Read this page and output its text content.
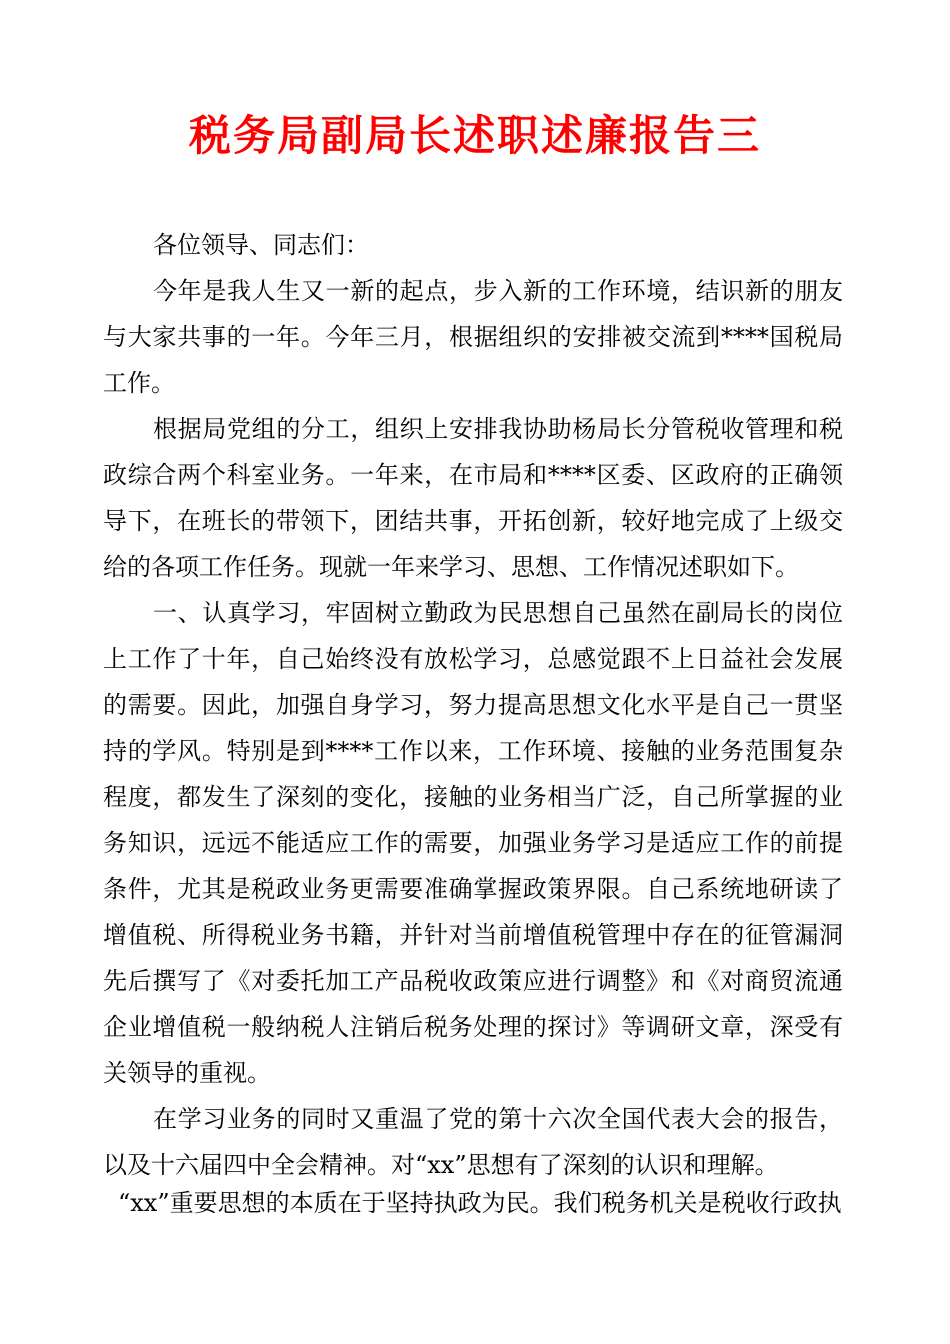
税务局副局长述职述廉报告三
各位领导、同志们：

今年是我人生又一新的起点，步入新的工作环境，结识新的朋友与大家共事的一年。今年三月，根据组织的安排被交流到****国税局工作。

根据局党组的分工，组织上安排我协助杨局长分管税收管理和税政综合两个科室业务。一年来，在市局和****区委、区政府的正确领导下，在班长的带领下，团结共事，开拓创新，较好地完成了上级交给的各项工作任务。现就一年来学习、思想、工作情况述职如下。

一、认真学习，牢固树立勤政为民思想自己虽然在副局长的岗位上工作了十年，自己始终没有放松学习，总感觉跟不上日益社会发展的需要。因此，加强自身学习，努力提高思想文化水平是自己一贯坚持的学风。特别是到****工作以来，工作环境、接触的业务范围复杂程度，都发生了深刻的变化，接触的业务相当广泛，自己所掌握的业务知识，远远不能适应工作的需要，加强业务学习是适应工作的前提条件，尤其是税政业务更需要准确掌握政策界限。自己系统地研读了增值税、所得税业务书籍，并针对当前增值税管理中存在的征管漏洞先后撰写了《对委托加工产品税收政策应进行调整》和《对商贸流通企业增值税一般纳税人注销后税务处理的探讨》等调研文章，深受有关领导的重视。

在学习业务的同时又重温了党的第十六次全国代表大会的报告，以及十六届四中全会精神。对“xx”思想有了深刻的认识和理解。

“xx”重要思想的本质在于坚持执政为民。我们税务机关是税收行政执
